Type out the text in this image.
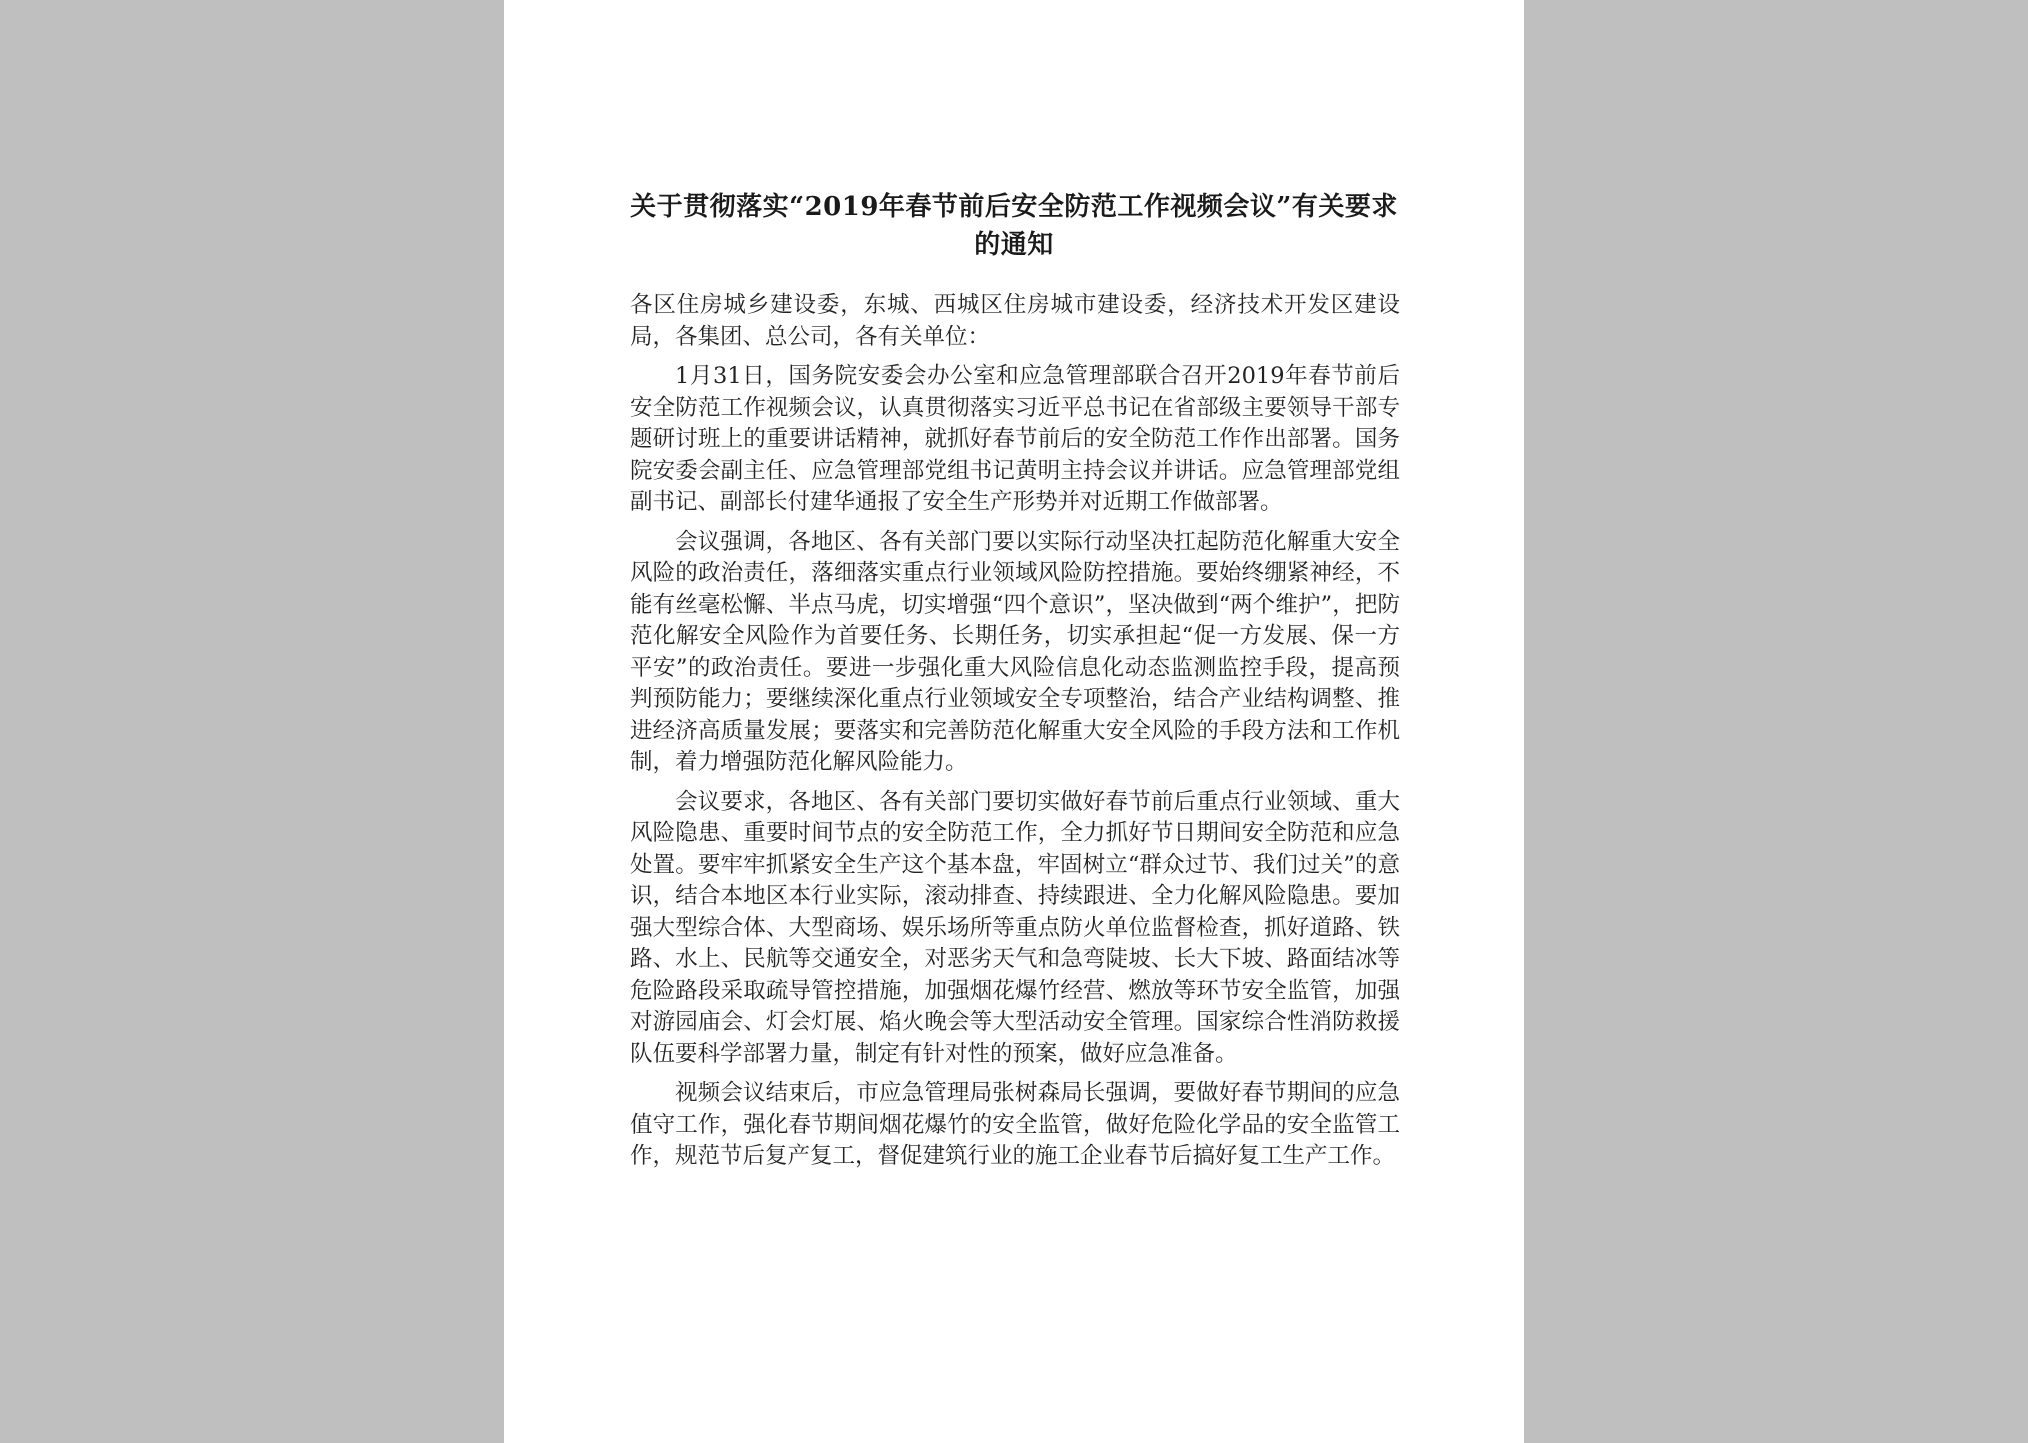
关于贯彻落实“2019年春节前后安全防范工作视频会议”有关要求的通知

各区住房城乡建设委，东城、西城区住房城市建设委，经济技术开发区建设局，各集团、总公司，各有关单位：

1月31日，国务院安委会办公室和应急管理部联合召开2019年春节前后安全防范工作视频会议，认真贯彻落实习近平总书记在省部级主要领导干部专题研讨班上的重要讲话精神，就抓好春节前后的安全防范工作作出部署。国务院安委会副主任、应急管理部党组书记黄明主持会议并讲话。应急管理部党组副书记、副部长付建华通报了安全生产形势并对近期工作做部署。

会议强调，各地区、各有关部门要以实际行动坚决扛起防范化解重大安全风险的政治责任，落细落实重点行业领域风险防控措施。要始终绷紧神经，不能有丝毫松懈、半点马虎，切实增强“四个意识”，坚决做到“两个维护”，把防范化解安全风险作为首要任务、长期任务，切实承担起“促一方发展、保一方平安”的政治责任。要进一步强化重大风险信息化动态监测监控手段，提高预判预防能力；要继续深化重点行业领域安全专项整治，结合产业结构调整、推进经济高质量发展；要落实和完善防范化解重大安全风险的手段方法和工作机制，着力增强防范化解风险能力。

会议要求，各地区、各有关部门要切实做好春节前后重点行业领域、重大风险隐患、重要时间节点的安全防范工作，全力抓好节日期间安全防范和应急处置。要牢牢抓紧安全生产这个基本盘，牢固树立“群众过节、我们过关”的意识，结合本地区本行业实际，滚动排查、持续跟进、全力化解风险隐患。要加强大型综合体、大型商场、娱乐场所等重点防火单位监督检查，抓好道路、铁路、水上、民航等交通安全，对恶劣天气和急弯陡坡、长大下坡、路面结冰等危险路段采取疏导管控措施，加强烟花爆竹经营、燃放等环节安全监管，加强对游园庙会、灯会灯展、焰火晚会等大型活动安全管理。国家综合性消防救援队伍要科学部署力量，制定有针对性的预案，做好应急准备。

视频会议结束后，市应急管理局张树森局长强调，要做好春节期间的应急值守工作，强化春节期间烟花爆竹的安全监管，做好危险化学品的安全监管工作，规范节后复产复工，督促建筑行业的施工企业春节后搞好复工生产工作。
